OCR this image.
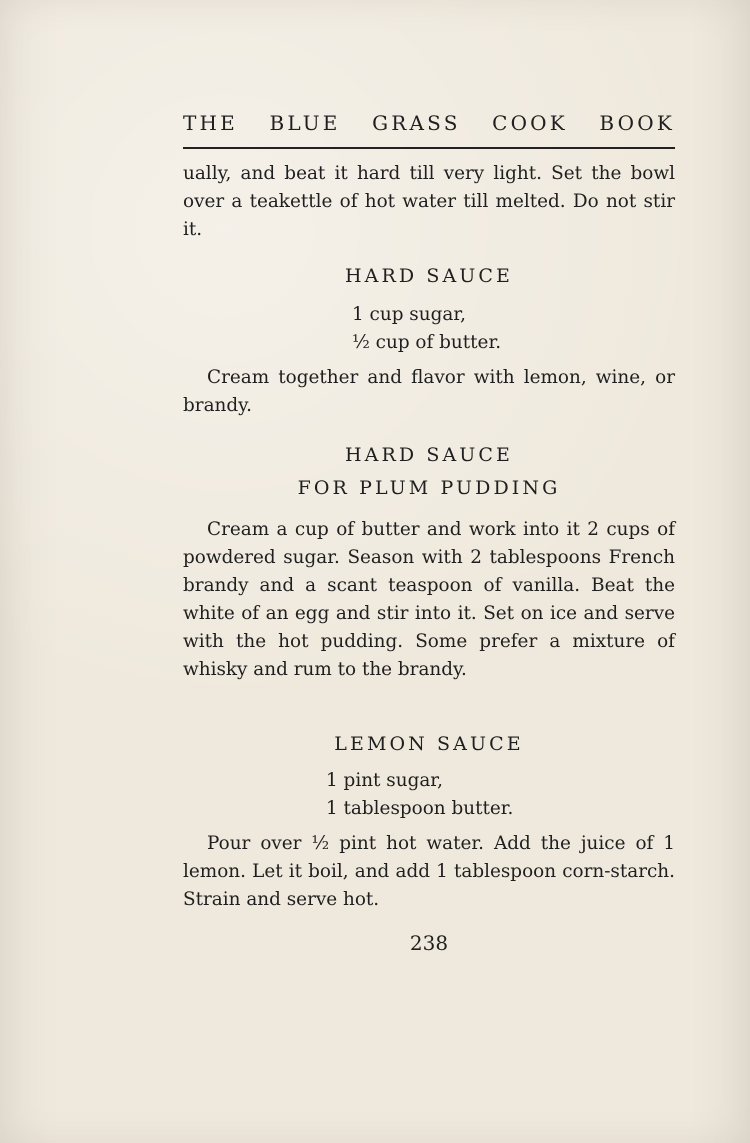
THE BLUE GRASS COOK BOOK
ually, and beat it hard till very light. Set the bowl over a teakettle of hot water till melted. Do not stir it.
HARD SAUCE
1 cup sugar,
½ cup of butter.
Cream together and flavor with lemon, wine, or brandy.
HARD SAUCE
FOR PLUM PUDDING
Cream a cup of butter and work into it 2 cups of powdered sugar. Season with 2 tablespoons French brandy and a scant teaspoon of vanilla. Beat the white of an egg and stir into it. Set on ice and serve with the hot pudding. Some prefer a mixture of whisky and rum to the brandy.
LEMON SAUCE
1 pint sugar,
1 tablespoon butter.
Pour over ½ pint hot water. Add the juice of 1 lemon. Let it boil, and add 1 tablespoon corn-starch. Strain and serve hot.
238
